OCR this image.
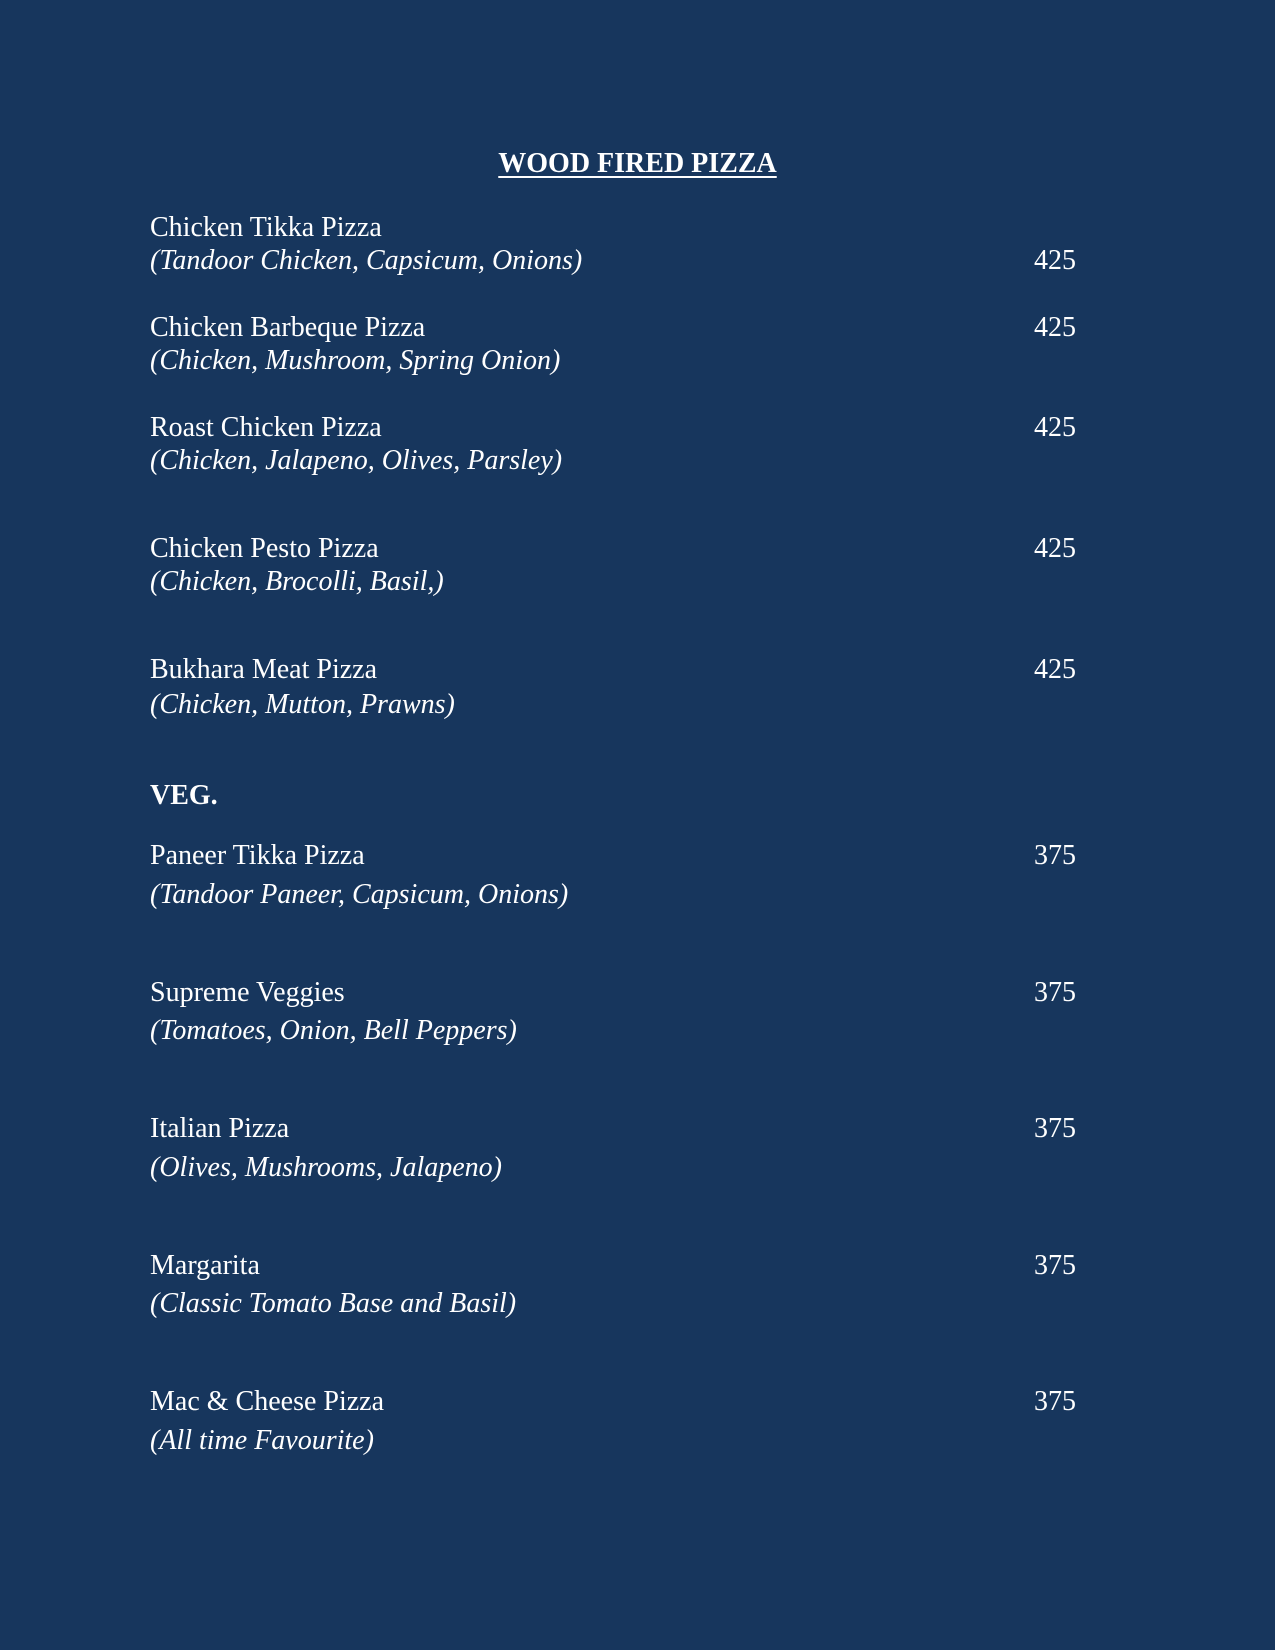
WOOD FIRED PIZZA
Chicken Tikka Pizza
(Tandoor Chicken, Capsicum, Onions)	425
Chicken Barbeque Pizza
(Chicken, Mushroom, Spring Onion)
425
Roast Chicken Pizza
(Chicken, Jalapeno, Olives, Parsley)
425
Chicken Pesto Pizza
(Chicken, Brocolli, Basil,)
425
Bukhara Meat Pizza
(Chicken, Mutton, Prawns)
425
VEG.
Paneer Tikka Pizza
(Tandoor Paneer, Capsicum, Onions)
375
Supreme Veggies
(Tomatoes, Onion, Bell Peppers)
375
Italian Pizza
(Olives, Mushrooms, Jalapeno)
375
Margarita
(Classic Tomato Base and Basil)
375
Mac & Cheese Pizza
(All time Favourite)
375
